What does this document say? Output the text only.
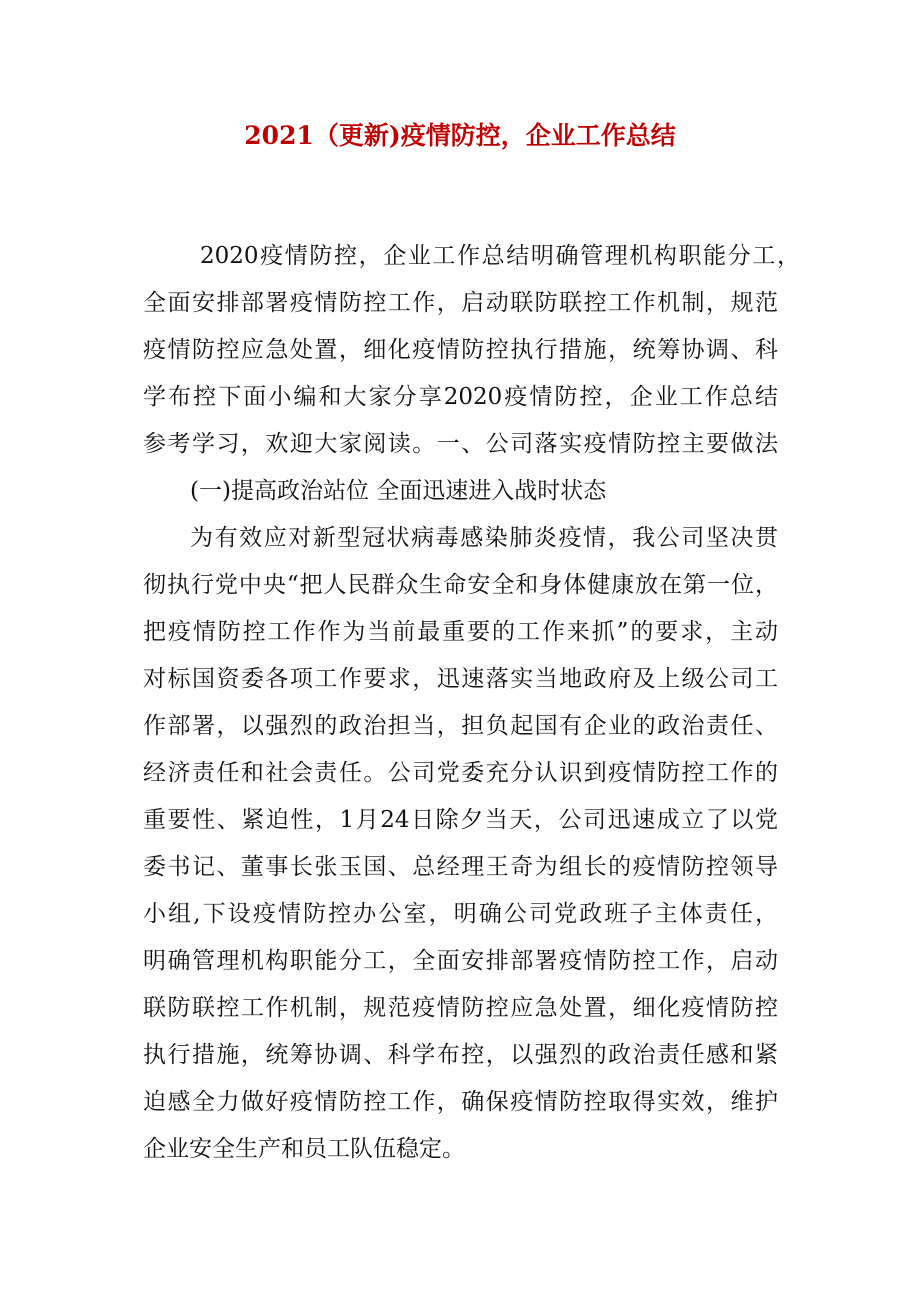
2021（更新)疫情防控，企业工作总结
2020疫情防控，企业工作总结明确管理机构职能分工，
全面安排部署疫情防控工作，启动联防联控工作机制，规范
疫情防控应急处置，细化疫情防控执行措施，统筹协调、科
学布控下面小编和大家分享2020疫情防控，企业工作总结
参考学习，欢迎大家阅读。一、公司落实疫情防控主要做法
(一)提高政治站位 全面迅速进入战时状态
为有效应对新型冠状病毒感染肺炎疫情，我公司坚决贯
彻执行党中央“把人民群众生命安全和身体健康放在第一位，
把疫情防控工作作为当前最重要的工作来抓”的要求，主动
对标国资委各项工作要求，迅速落实当地政府及上级公司工
作部署，以强烈的政治担当，担负起国有企业的政治责任、
经济责任和社会责任。公司党委充分认识到疫情防控工作的
重要性、紧迫性，1月24日除夕当天，公司迅速成立了以党
委书记、董事长张玉国、总经理王奇为组长的疫情防控领导
小组,下设疫情防控办公室，明确公司党政班子主体责任，
明确管理机构职能分工，全面安排部署疫情防控工作，启动
联防联控工作机制，规范疫情防控应急处置，细化疫情防控
执行措施，统筹协调、科学布控，以强烈的政治责任感和紧
迫感全力做好疫情防控工作，确保疫情防控取得实效，维护
企业安全生产和员工队伍稳定。
